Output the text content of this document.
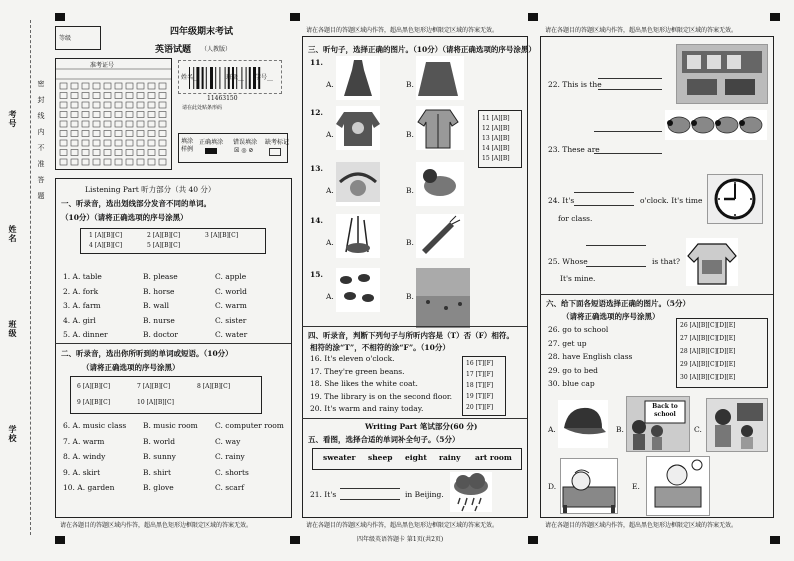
考号
姓名
班级
学校
密封线内不准答题
等级
四年级期末考试
英语试题 （人教版）
准考证号
姓名__	班级__ 学号__
11463150
请在此处贴条形码
填涂样例
正确填涂 错误填涂
☒ ◎ ⊘
缺考标记
Listening Part 听力部分（共 40 分）
一、听录音，选出划线部分发音不同的单词。
（10分）（请将正确选项的序号涂黑）
1 [A][B][C]	2 [A][B][C]	3 [A][B][C]
4 [A][B][C]	5 [A][B][C]
1. A. table	B. please	C. apple
2. A. fork	B. horse	C. world
3. A. farm	B. wall	C. warm
4. A. girl	B. nurse	C. sister
5. A. dinner	B. doctor	C. water
二、听录音，选出你所听到的单词或短语。（10分）
（请将正确选项的序号涂黑）
6 [A][B][C]	7 [A][B][C]	8 [A][B][C]
9 [A][B][C]	10 [A][B][C]
6. A. music class B. music room C. computer room
7. A. warm	B. world	C. way
8. A. windy	B. sunny	C. rainy
9. A. skirt	B. shirt	C. shorts
10. A. garden	B. glove	C. scarf
请在各题目的答题区域内作答，超出黑色矩形边框限定区域的答案无效。
请在各题目的答题区域内作答，超出黑色矩形边框限定区域的答案无效。
三、听句子，选择正确的图片。（10分）（请将正确选项的序号涂黑）
11.
A.	B.
12.
A.	B.
13.
A.	B.
14.
A.	B.
15.
A.	B.
11 [A][B]
12 [A][B]
13 [A][B]
14 [A][B]
15 [A][B]
四、听录音，判断下列句子与所听内容是（T）否（F）相符。
相符的涂“T”，不相符的涂“F”。（10分）
16. It's eleven o'clock.
17. They're green beans.
18. She likes the white coat.
19. The library is on the second floor.
20. It's warm and rainy today.
16 [T][F]
17 [T][F]
18 [T][F]
19 [T][F]
20 [T][F]
Writing Part 笔试部分(60 分)
五、看图，选择合适的单词补全句子。（5分）
sweater sheep eight rainy art room
21. It's	in Beijing.
请在各题目的答题区域内作答，超出黑色矩形边框限定区域的答案无效。
请在各题目的答题区域内作答，超出黑色矩形边框限定区域的答案无效。
22. This is the
23. These are
24. It's	o'clock. It's time
for class.
25. Whose	is that?
It's mine.
六、给下面各短语选择正确的图片。（5分）
（请将正确选项的序号涂黑）
26. go to school
27. get up
28. have English class
29. go to bed
30. blue cap
26 [A][B][C][D][E]
27 [A][B][C][D][E]
28 [A][B][C][D][E]
29 [A][B][C][D][E]
30 [A][B][C][D][E]
A.	B.
Back to school
C.
D.	E.
请在各题目的答题区域内作答，超出黑色矩形边框限定区域的答案无效。
四年级英语答题卡 第1页(共2页)
